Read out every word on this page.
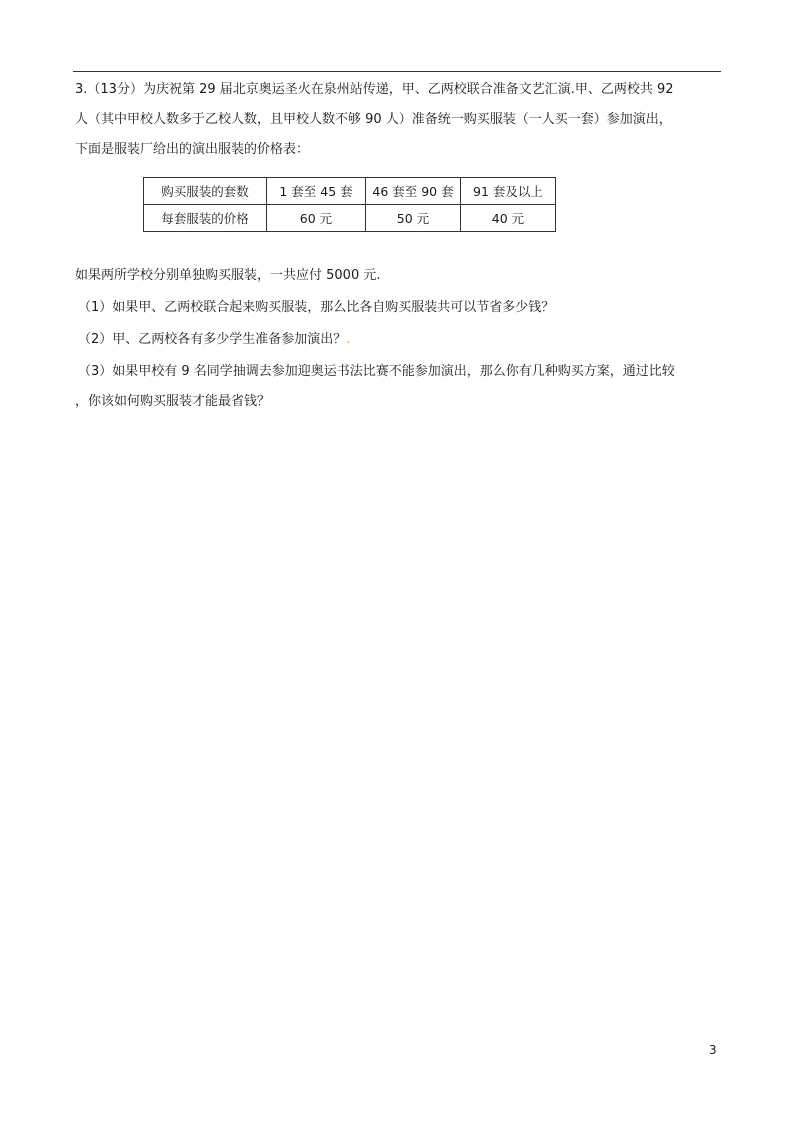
3.（13分）为庆祝第 29 届北京奥运圣火在泉州站传递，甲、乙两校联合准备文艺汇演.甲、乙两校共 92
人（其中甲校人数多于乙校人数，且甲校人数不够 90 人）准备统一购买服装（一人买一套）参加演出，
下面是服装厂给出的演出服装的价格表：
购买服装的套数	1 套至 45 套	46 套至 90 套	91 套及以上
每套服装的价格	60 元	50 元	40 元
如果两所学校分别单独购买服装，一共应付 5000 元.
（1）如果甲、乙两校联合起来购买服装，那么比各自购买服装共可以节省多少钱？
（2）甲、乙两校各有多少学生准备参加演出？.
（3）如果甲校有 9 名同学抽调去参加迎奥运书法比赛不能参加演出，那么你有几种购买方案，通过比较
，你该如何购买服装才能最省钱？
3
